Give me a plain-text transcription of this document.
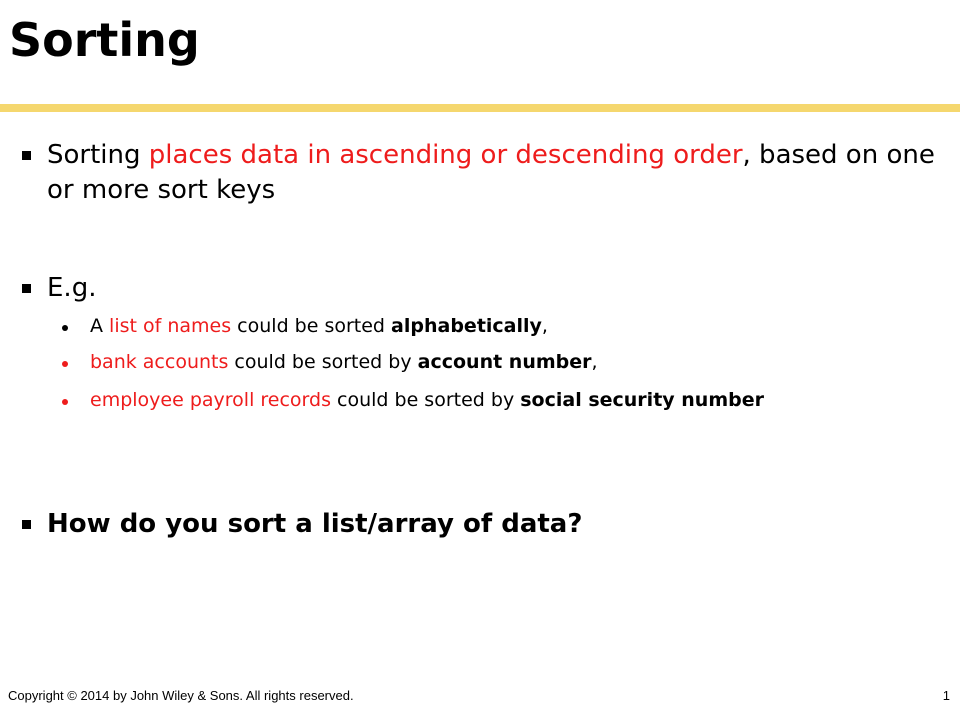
Sorting

Sorting places data in ascending or descending order, based on one or more sort keys

E.g.

A list of names could be sorted alphabetically,

bank accounts could be sorted by account number,

employee payroll records could be sorted by social security number

How do you sort a list/array of data?

Copyright © 2014 by John Wiley & Sons. All rights reserved.	1
